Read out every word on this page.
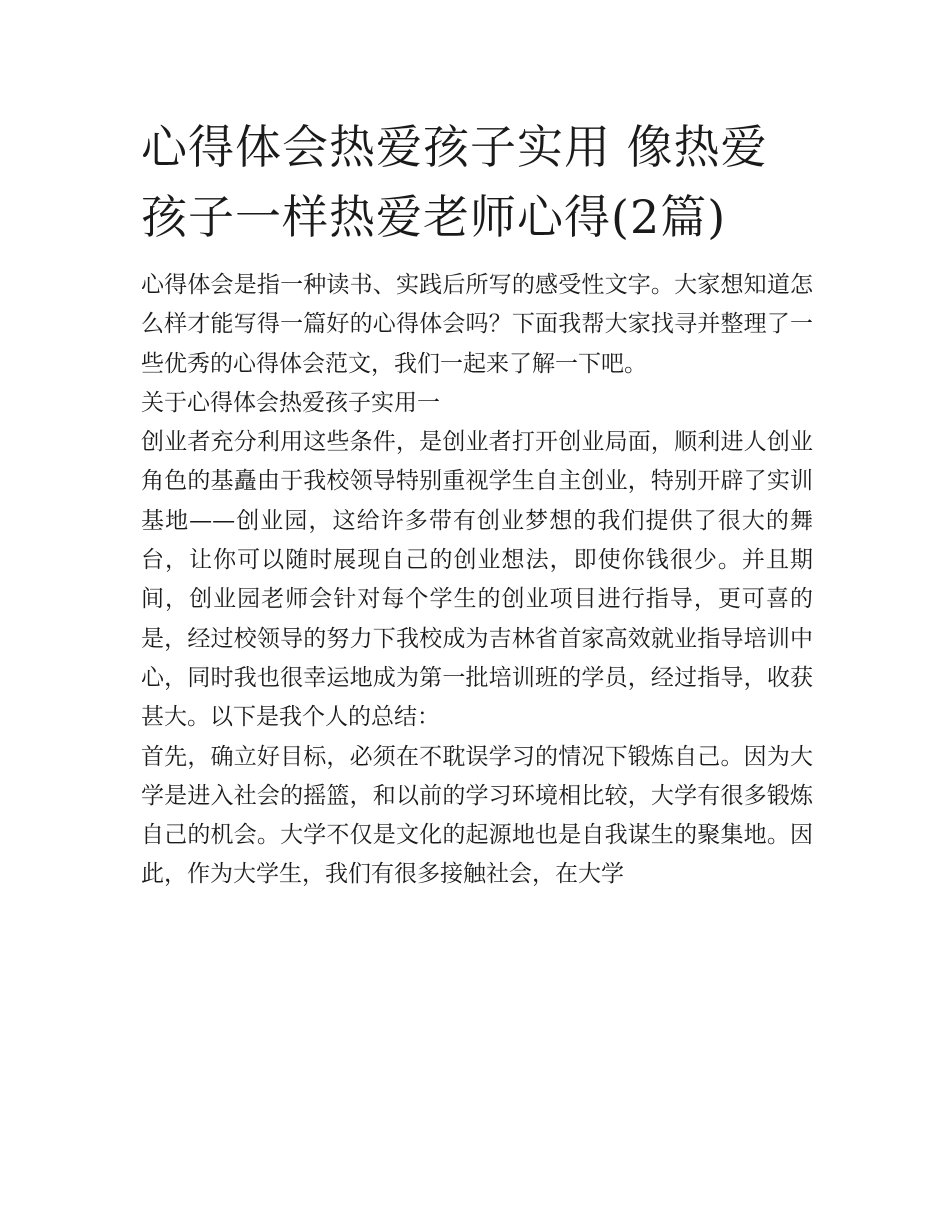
心得体会热爱孩子实用 像热爱孩子一样热爱老师心得(2篇)

心得体会是指一种读书、实践后所写的感受性文字。大家想知道怎么样才能写得一篇好的心得体会吗？下面我帮大家找寻并整理了一些优秀的心得体会范文，我们一起来了解一下吧。

关于心得体会热爱孩子实用一

创业者充分利用这些条件，是创业者打开创业局面，顺利进人创业角色的基矗由于我校领导特别重视学生自主创业，特别开辟了实训基地——创业园，这给许多带有创业梦想的我们提供了很大的舞台，让你可以随时展现自己的创业想法，即使你钱很少。并且期间，创业园老师会针对每个学生的创业项目进行指导，更可喜的是，经过校领导的努力下我校成为吉林省首家高效就业指导培训中心，同时我也很幸运地成为第一批培训班的学员，经过指导，收获甚大。以下是我个人的总结：

首先，确立好目标，必须在不耽误学习的情况下锻炼自己。因为大学是进入社会的摇篮，和以前的学习环境相比较，大学有很多锻炼自己的机会。大学不仅是文化的起源地也是自我谋生的聚集地。因此，作为大学生，我们有很多接触社会，在大学
